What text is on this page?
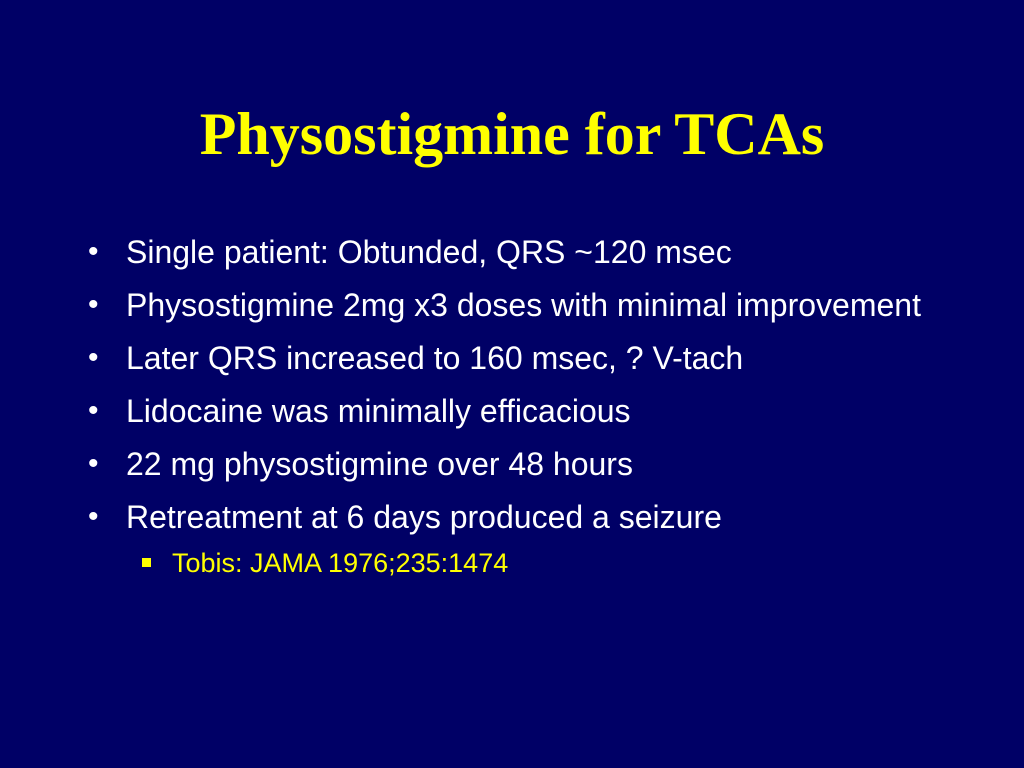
Physostigmine for TCAs
• Single patient: Obtunded, QRS ~120 msec
• Physostigmine 2mg x3 doses with minimal improvement
• Later QRS increased to 160 msec, ? V-tach
• Lidocaine was minimally efficacious
• 22 mg physostigmine over 48 hours
• Retreatment at 6 days produced a seizure
Tobis: JAMA 1976;235:1474
